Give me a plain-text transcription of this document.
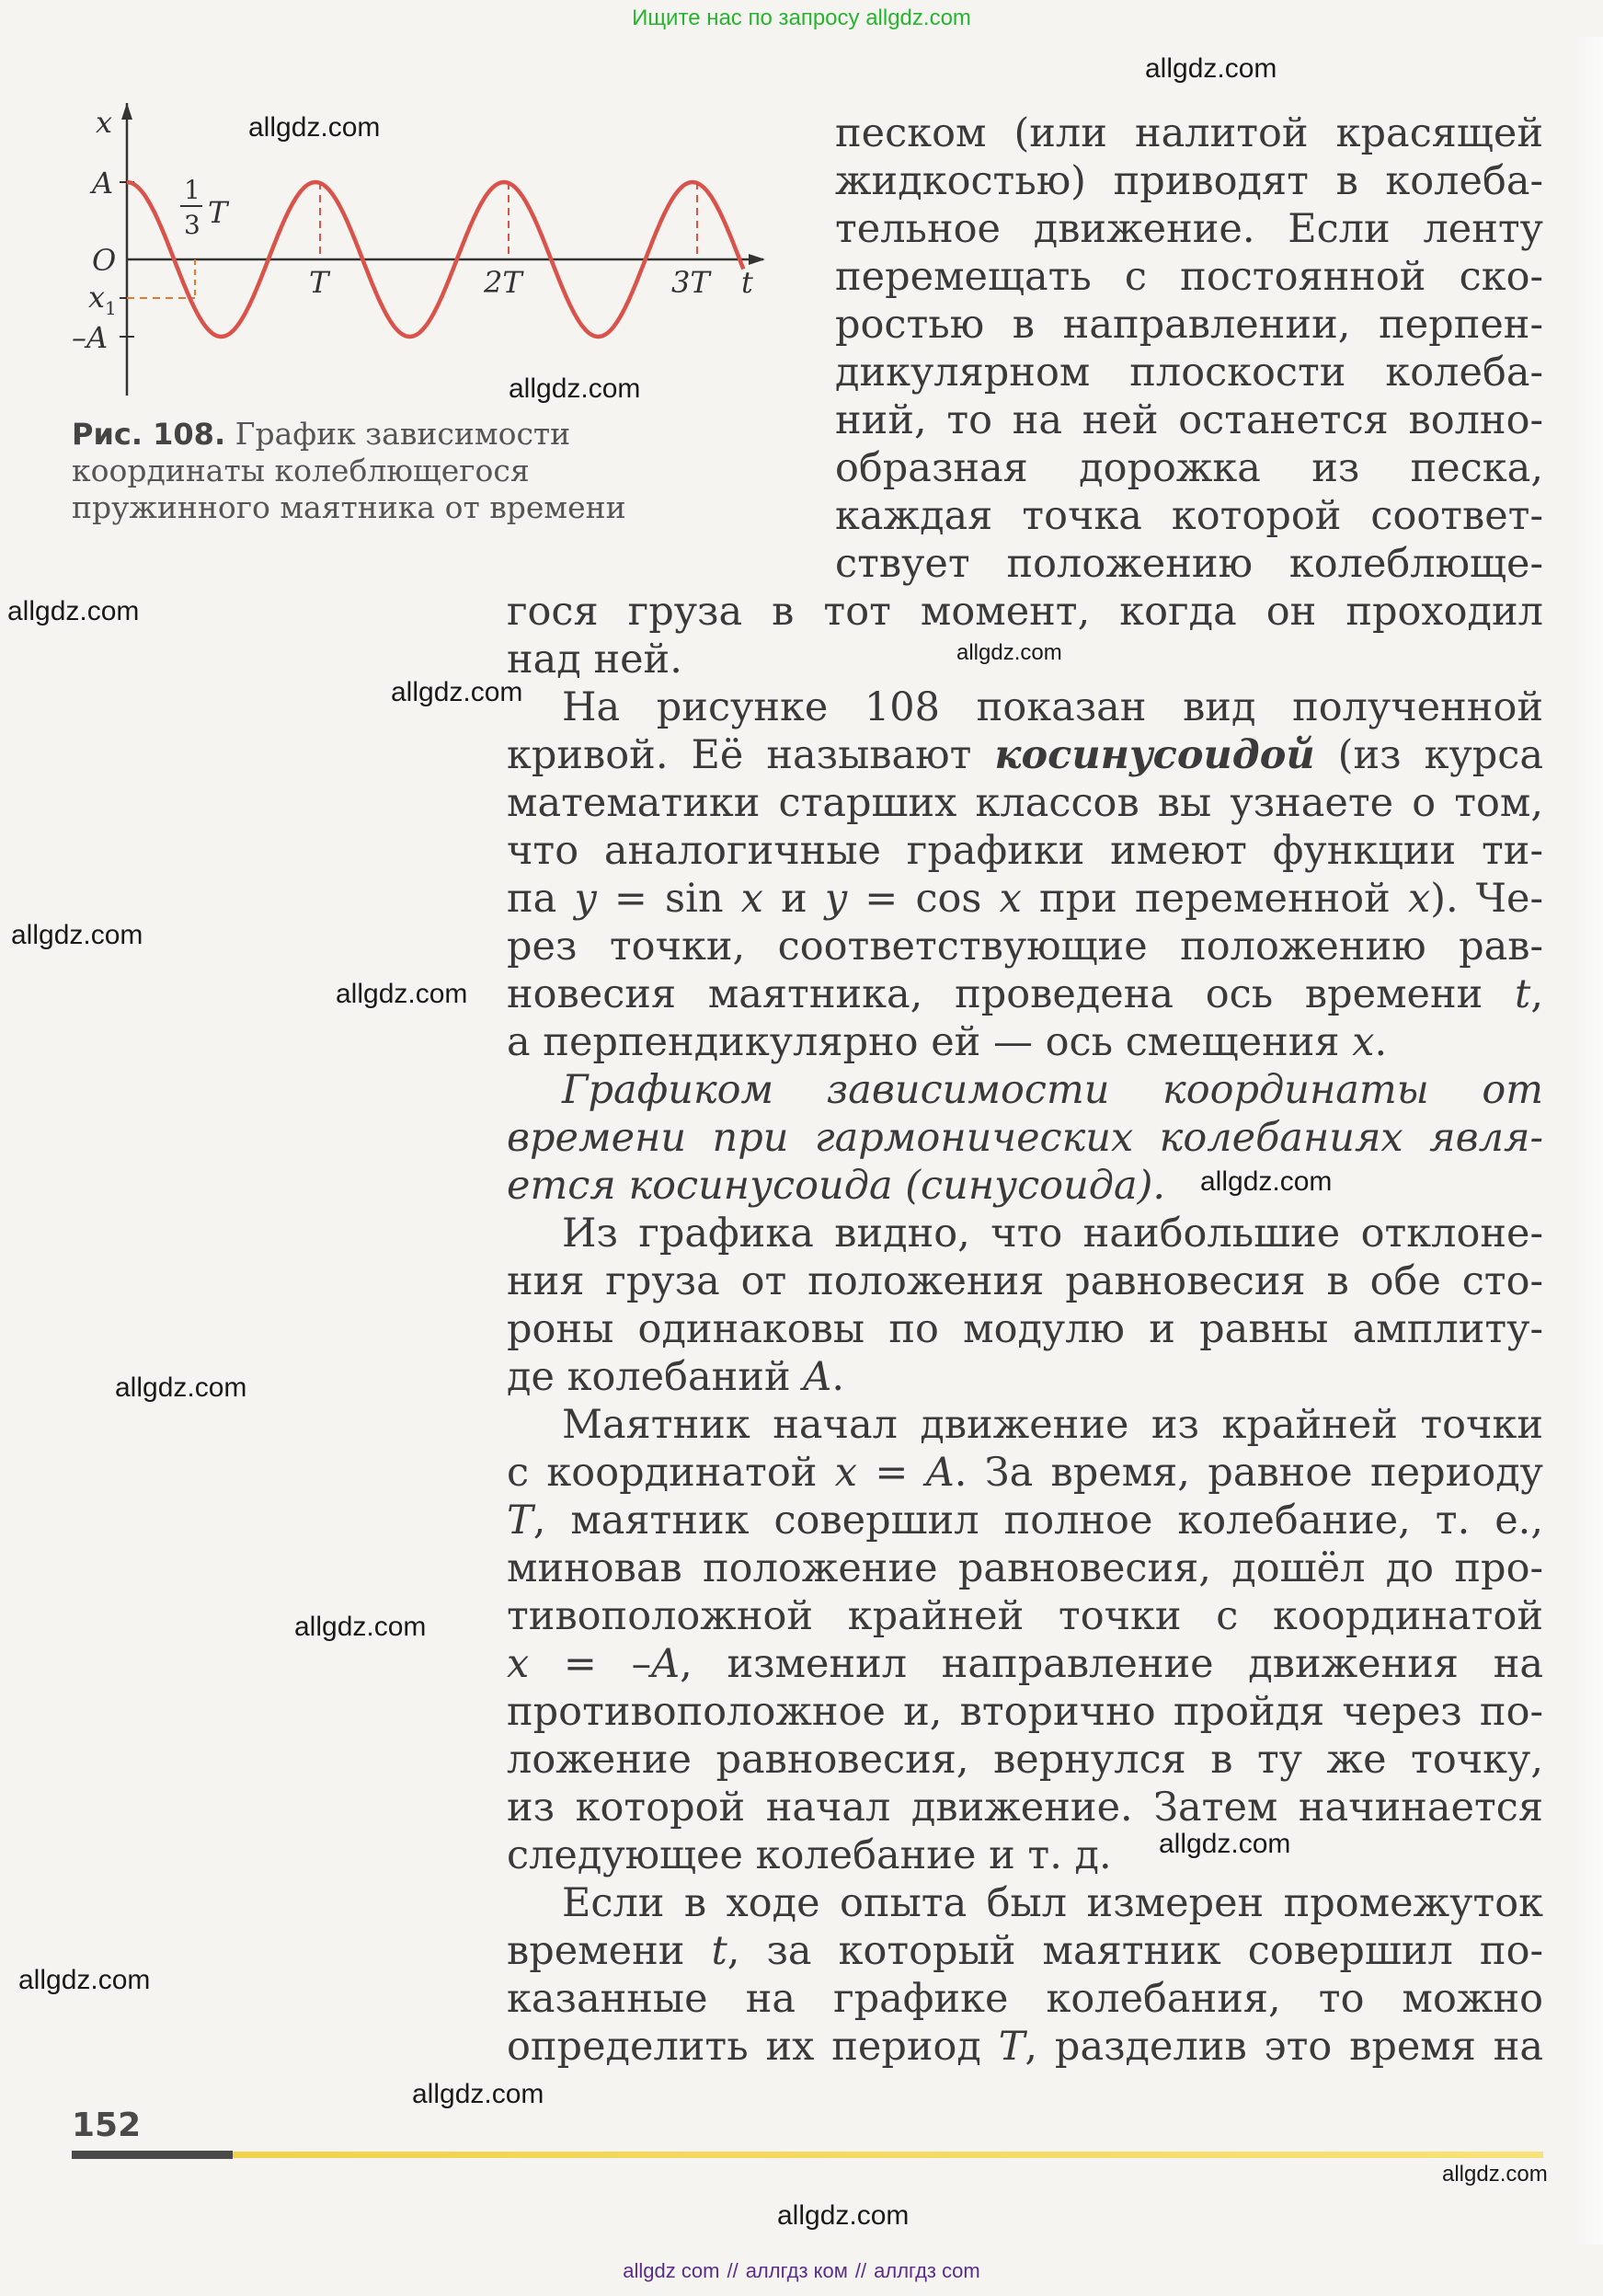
Ищите нас по запросу allgdz.com
x
A
O
$x_1$
–A
1
3 T
T	2T	3T t
Рис. 108. График зависимости
координаты колеблющегося
пружинного маятника от времени
песком (или налитой красящей
жидкостью) приводят в колеба-
тельное движение. Если ленту
перемещать с постоянной ско-
ростью в направлении, перпен-
дикулярном плоскости колеба-
ний, то на ней останется волно-
образная дорожка из песка,
каждая точка которой соответ-
ствует положению колеблюще-
гося груза в тот момент, когда он проходил
над ней.
На рисунке 108 показан вид полученной
кривой. Её называют косинусоидой (из курса
математики старших классов вы узнаете о том,
что аналогичные графики имеют функции ти-
па y = sin x и y = cos x при переменной x). Че-
рез точки, соответствующие положению рав-
новесия маятника, проведена ось времени t,
а перпендикулярно ей — ось смещения x.
Графиком зависимости координаты от
времени при гармонических колебаниях явля-
ется косинусоида (синусоида).
Из графика видно, что наибольшие отклоне-
ния груза от положения равновесия в обе сто-
роны одинаковы по модулю и равны амплиту-
де колебаний A.
Маятник начал движение из крайней точки
с координатой x = A. За время, равное периоду
T, маятник совершил полное колебание, т. е.,
миновав положение равновесия, дошёл до про-
тивоположной крайней точки с координатой
x = –A, изменил направление движения на
противоположное и, вторично пройдя через по-
ложение равновесия, вернулся в ту же точку,
из которой начал движение. Затем начинается
следующее колебание и т. д.
Если в ходе опыта был измерен промежуток
времени t, за который маятник совершил по-
казанные на графике колебания, то можно
определить их период T, разделив это время на
152
allgdz.com
allgdz.com
allgdz.com
allgdz.com
allgdz.com
allgdz.com
allgdz.com
allgdz.com
allgdz.com
allgdz.com
allgdz.com
allgdz.com
allgdz.com
allgdz.com
allgdz.com
allgdz.com
allgdz com // аллгдз ком // аллгдз com
